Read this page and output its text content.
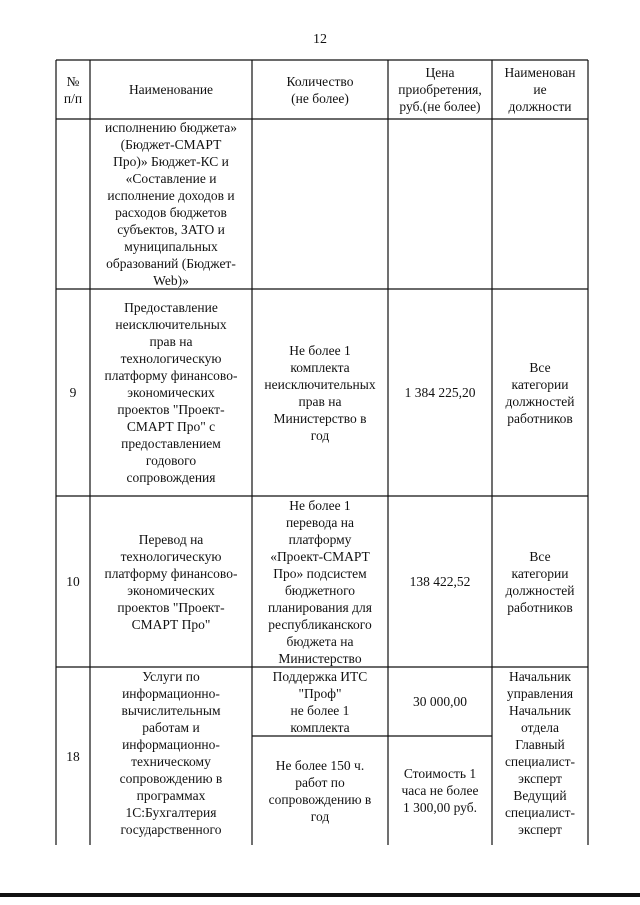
12
№
п/п
Наименование
Количество
(не более)
Цена
приобретения,
руб.(не более)
Наименован
ие
должности
исполнению бюджета»
(Бюджет-СМАРТ
Про)» Бюджет-КС и
«Составление и
исполнение доходов и
расходов бюджетов
субъектов, ЗАТО и
муниципальных
образований (Бюджет-
Web)»
9
Предоставление
неисключительных
прав на
технологическую
платформу финансово-
экономических
проектов "Проект-
СМАРТ Про" с
предоставлением
годового
сопровождения
Не более 1
комплекта
неисключительных
прав на
Министерство в
год
1 384 225,20
Все
категории
должностей
работников
10
Перевод на
технологическую
платформу финансово-
экономических
проектов "Проект-
СМАРТ Про"
Не более 1
перевода на
платформу
«Проект-СМАРТ
Про» подсистем
бюджетного
планирования для
республиканского
бюджета на
Министерство
138 422,52
Все
категории
должностей
работников
18
Услуги по
информационно-
вычислительным
работам и
информационно-
техническому
сопровождению в
программах
1С:Бухгалтерия
государственного
Поддержка ИТС
"Проф"
не более 1
комплекта
30 000,00
Не более 150 ч.
работ по
сопровождению в
год
Стоимость 1
часа не более
1 300,00 руб.
Начальник
управления
Начальник
отдела
Главный
специалист-
эксперт
Ведущий
специалист-
эксперт
